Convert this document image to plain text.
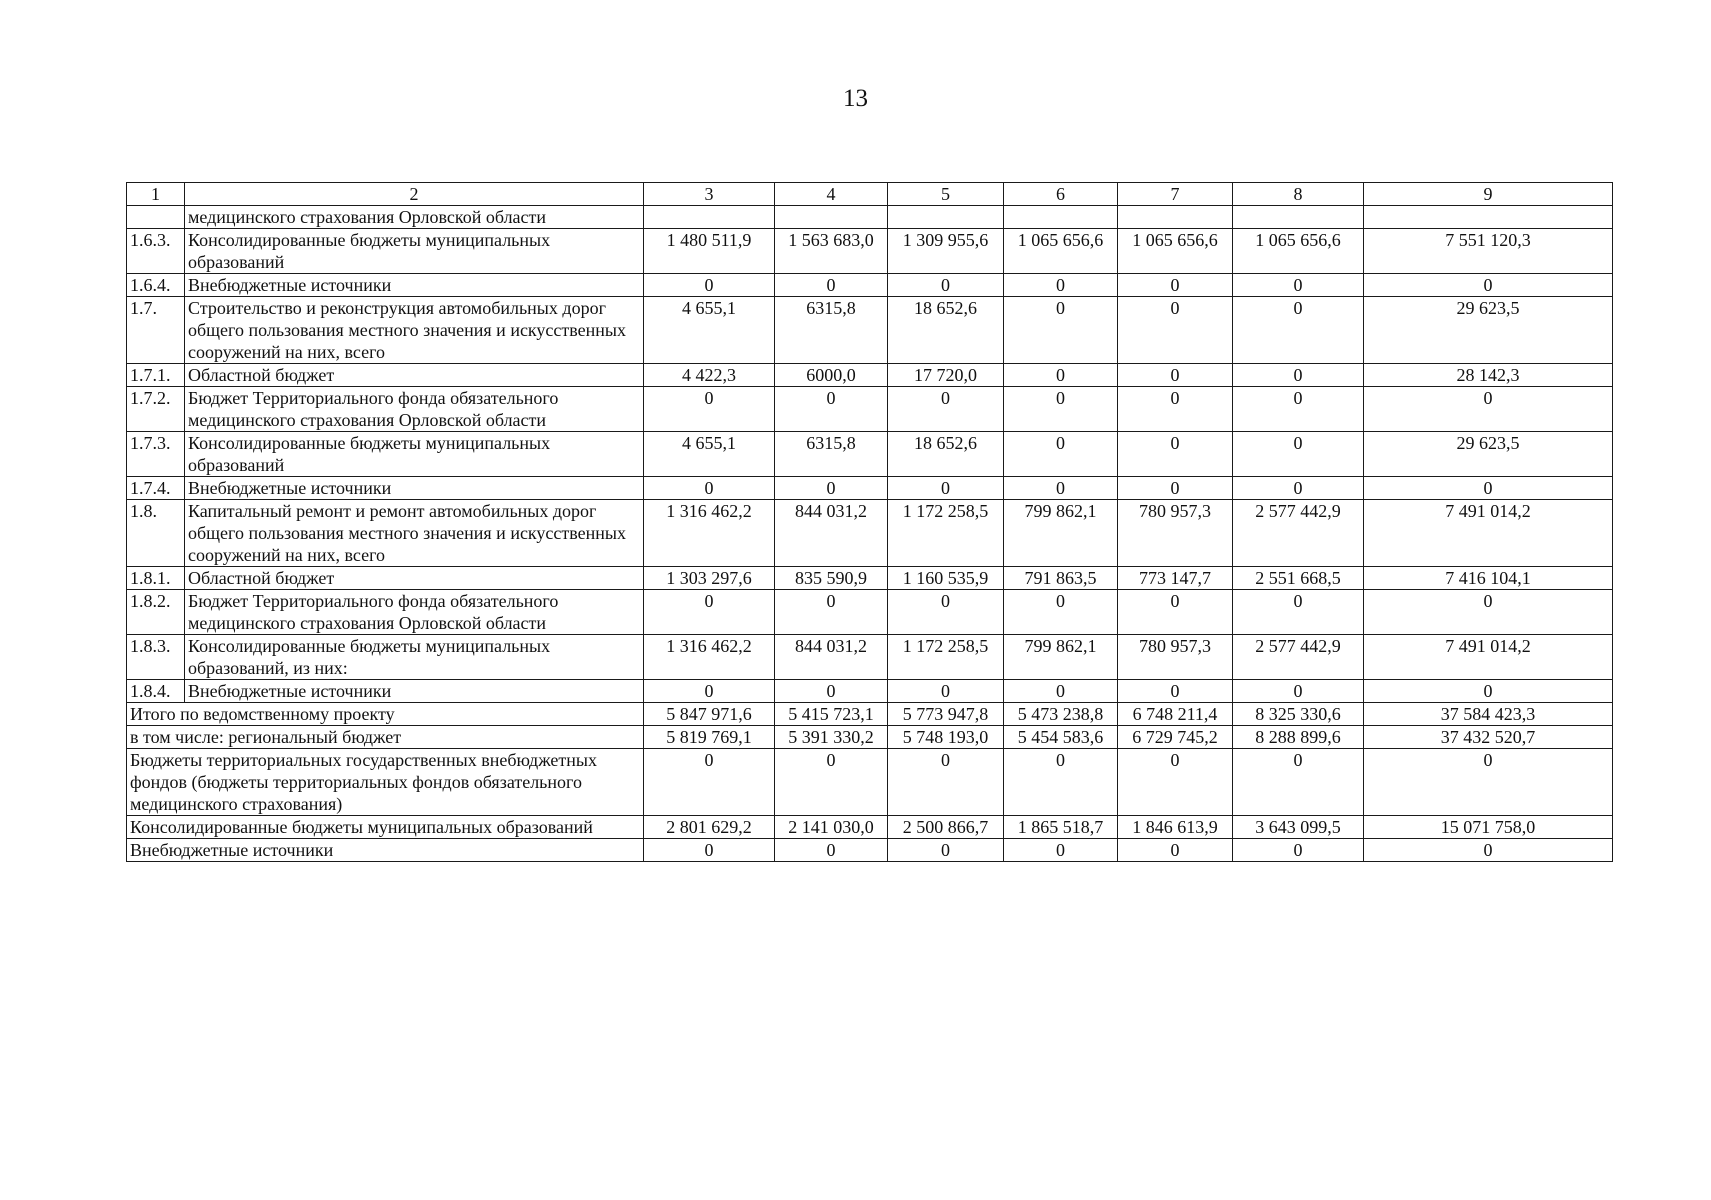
13
1	2	3	4	5	6	7	8	9
	медицинского страхования Орловской области							
1.6.3.	Консолидированные бюджеты муниципальных образований	1 480 511,9	1 563 683,0	1 309 955,6	1 065 656,6	1 065 656,6	1 065 656,6	7 551 120,3
1.6.4.	Внебюджетные источники	0	0	0	0	0	0	0
1.7.	Строительство и реконструкция автомобильных дорог общего пользования местного значения и искусственных сооружений на них, всего	4 655,1	6315,8	18 652,6	0	0	0	29 623,5
1.7.1.	Областной бюджет	4 422,3	6000,0	17 720,0	0	0	0	28 142,3
1.7.2.	Бюджет Территориального фонда обязательного медицинского страхования Орловской области	0	0	0	0	0	0	0
1.7.3.	Консолидированные бюджеты муниципальных образований	4 655,1	6315,8	18 652,6	0	0	0	29 623,5
1.7.4.	Внебюджетные источники	0	0	0	0	0	0	0
1.8.	Капитальный ремонт и ремонт автомобильных дорог общего пользования местного значения и искусственных сооружений на них, всего	1 316 462,2	844 031,2	1 172 258,5	799 862,1	780 957,3	2 577 442,9	7 491 014,2
1.8.1.	Областной бюджет	1 303 297,6	835 590,9	1 160 535,9	791 863,5	773 147,7	2 551 668,5	7 416 104,1
1.8.2.	Бюджет Территориального фонда обязательного медицинского страхования Орловской области	0	0	0	0	0	0	0
1.8.3.	Консолидированные бюджеты муниципальных образований, из них:	1 316 462,2	844 031,2	1 172 258,5	799 862,1	780 957,3	2 577 442,9	7 491 014,2
1.8.4.	Внебюджетные источники	0	0	0	0	0	0	0
Итого по ведомственному проекту		5 847 971,6	5 415 723,1	5 773 947,8	5 473 238,8	6 748 211,4	8 325 330,6	37 584 423,3
в том числе: региональный бюджет		5 819 769,1	5 391 330,2	5 748 193,0	5 454 583,6	6 729 745,2	8 288 899,6	37 432 520,7
Бюджеты территориальных государственных внебюджетных фондов (бюджеты территориальных фондов обязательного медицинского страхования)		0	0	0	0	0	0	0
Консолидированные бюджеты муниципальных образований		2 801 629,2	2 141 030,0	2 500 866,7	1 865 518,7	1 846 613,9	3 643 099,5	15 071 758,0
Внебюджетные источники		0	0	0	0	0	0	0
